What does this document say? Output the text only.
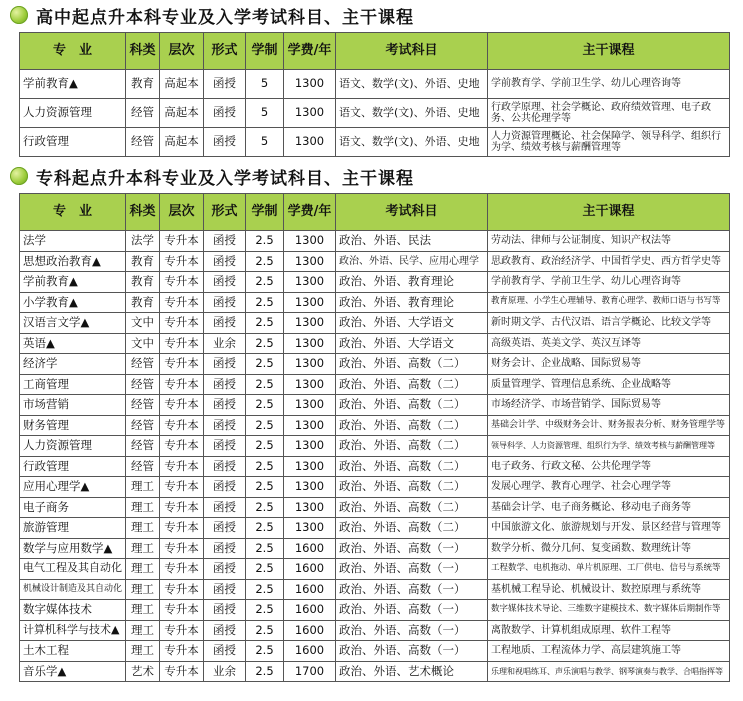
高中起点升本科专业及入学考试科目、主干课程
专　业	科类	层次	形式	学制	学费/年	考试科目	主干课程
学前教育▲	教育	高起本	函授	5	1300	语文、数学(文)、外语、史地	学前教育学、学前卫生学、幼儿心理咨询等
人力资源管理	经管	高起本	函授	5	1300	语文、数学(文)、外语、史地	行政学原理、社会学概论、政府绩效管理、电子政务、公共伦理学等
行政管理	经管	高起本	函授	5	1300	语文、数学(文)、外语、史地	人力资源管理概论、社会保障学、领导科学、组织行为学、绩效考核与薪酬管理等
专科起点升本科专业及入学考试科目、主干课程
专　业	科类	层次	形式	学制	学费/年	考试科目	主干课程
法学	法学	专升本	函授	2.5	1300	政治、外语、民法	劳动法、律师与公证制度、知识产权法等
思想政治教育▲	教育	专升本	函授	2.5	1300	政治、外语、民学、应用心理学	思政教育、政治经济学、中国哲学史、西方哲学史等
学前教育▲	教育	专升本	函授	2.5	1300	政治、外语、教育理论	学前教育学、学前卫生学、幼儿心理咨询等
小学教育▲	教育	专升本	函授	2.5	1300	政治、外语、教育理论	教育原理、小学生心理辅导、教育心理学、教师口语与书写等
汉语言文学▲	文中	专升本	函授	2.5	1300	政治、外语、大学语文	新时期文学、古代汉语、语言学概论、比较文学等
英语▲	文中	专升本	业余	2.5	1300	政治、外语、大学语文	高级英语、英美文学、英汉互译等
经济学	经管	专升本	函授	2.5	1300	政治、外语、高数（二）	财务会计、企业战略、国际贸易等
工商管理	经管	专升本	函授	2.5	1300	政治、外语、高数（二）	质量管理学、管理信息系统、企业战略等
市场营销	经管	专升本	函授	2.5	1300	政治、外语、高数（二）	市场经济学、市场营销学、国际贸易等
财务管理	经管	专升本	函授	2.5	1300	政治、外语、高数（二）	基础会计学、中级财务会计、财务报表分析、财务管理学等
人力资源管理	经管	专升本	函授	2.5	1300	政治、外语、高数（二）	领导科学、人力资源管理、组织行为学、绩效考核与薪酬管理等
行政管理	经管	专升本	函授	2.5	1300	政治、外语、高数（二）	电子政务、行政文秘、公共伦理学等
应用心理学▲	理工	专升本	函授	2.5	1300	政治、外语、高数（二）	发展心理学、教育心理学、社会心理学等
电子商务	理工	专升本	函授	2.5	1300	政治、外语、高数（二）	基础会计学、电子商务概论、移动电子商务等
旅游管理	理工	专升本	函授	2.5	1300	政治、外语、高数（二）	中国旅游文化、旅游规划与开发、景区经营与管理等
数学与应用数学▲	理工	专升本	函授	2.5	1600	政治、外语、高数（一）	数学分析、微分几何、复变函数、数理统计等
电气工程及其自动化	理工	专升本	函授	2.5	1600	政治、外语、高数（一）	工程数学、电机拖动、单片机原理、工厂供电、信号与系统等
机械设计制造及其自动化	理工	专升本	函授	2.5	1600	政治、外语、高数（一）	基机械工程导论、机械设计、数控原理与系统等
数字媒体技术	理工	专升本	函授	2.5	1600	政治、外语、高数（一）	数字媒体技术导论、三维数字建模技术、数字媒体后期制作等
计算机科学与技术▲	理工	专升本	函授	2.5	1600	政治、外语、高数（一）	离散数学、计算机组成原理、软件工程等
土木工程	理工	专升本	函授	2.5	1600	政治、外语、高数（一）	工程地质、工程流体力学、高层建筑施工等
音乐学▲	艺术	专升本	业余	2.5	1700	政治、外语、艺术概论	乐理和视唱练耳、声乐演唱与教学、钢琴演奏与教学、合唱指挥等
